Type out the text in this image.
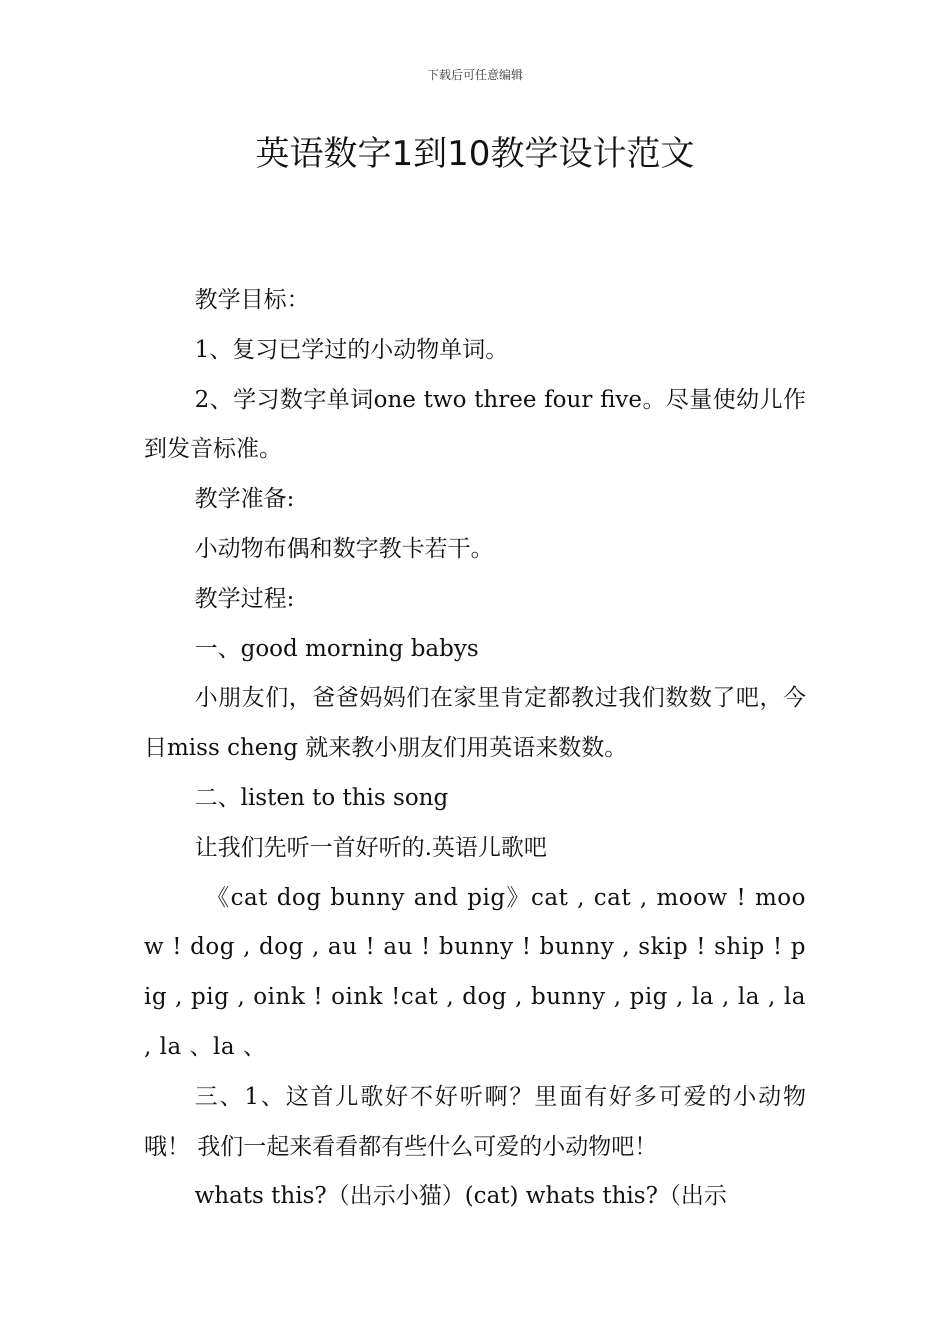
下载后可任意编辑
英语数字1到10教学设计范文

教学目标：

1、复习已学过的小动物单词。

2、学习数字单词one two three four five。尽量使幼儿作到发音标准。

教学准备:

小动物布偶和数字教卡若干。

教学过程:

一、good morning babys

小朋友们，爸爸妈妈们在家里肯定都教过我们数数了吧，今日miss cheng 就来教小朋友们用英语来数数。

二、listen to this song

让我们先听一首好听的.英语儿歌吧

《cat dog bunny and pig》cat , cat , moow ! moow ! dog , dog , au ! au ! bunny ! bunny , skip ! ship ! pig , pig , oink ! oink !cat , dog , bunny , pig , la , la , la , la 、la 、

三、1、这首儿歌好不好听啊？里面有好多可爱的小动物哦！ 我们一起来看看都有些什么可爱的小动物吧！

whats this?（出示小猫）(cat) whats this?（出示
